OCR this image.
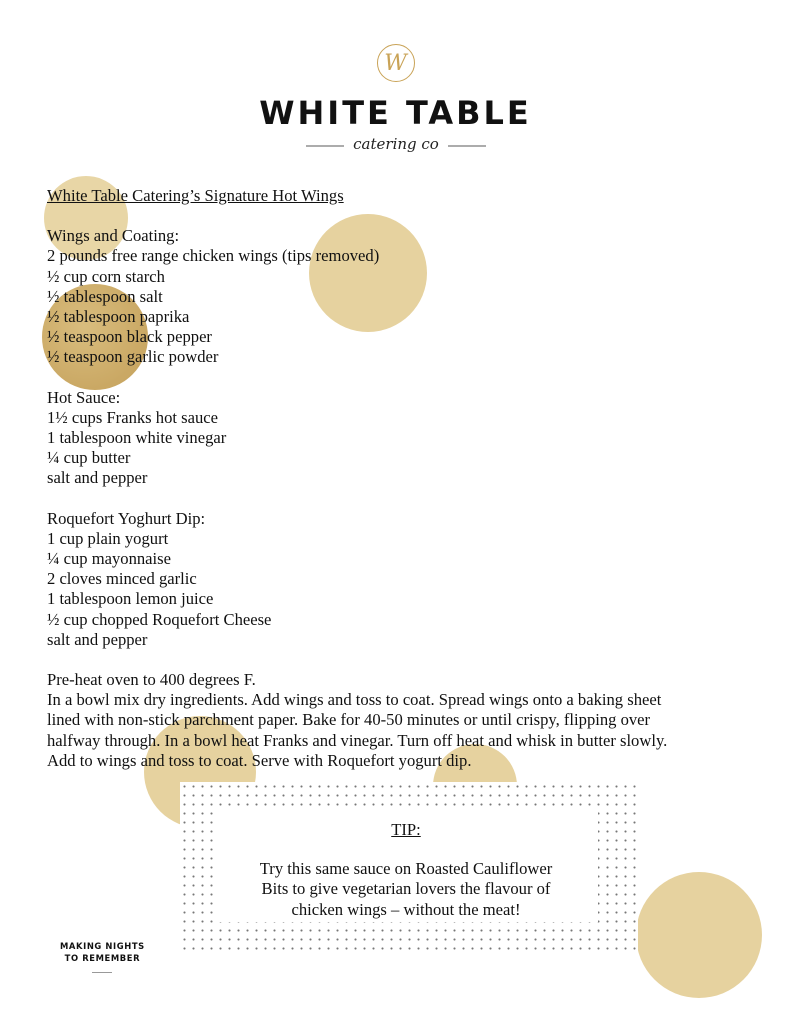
W
WHITE TABLE
catering co
White Table Catering’s Signature Hot Wings
Wings and Coating:
2 pounds free range chicken wings (tips removed)
½ cup corn starch
½ tablespoon salt
½ tablespoon paprika
½ teaspoon black pepper
½ teaspoon garlic powder
Hot Sauce:
1½ cups Franks hot sauce
1 tablespoon white vinegar
¼ cup butter
salt and pepper
Roquefort Yoghurt Dip:
1 cup plain yogurt
¼ cup mayonnaise
2 cloves minced garlic
1 tablespoon lemon juice
½ cup chopped Roquefort Cheese
salt and pepper

Pre-heat oven to 400 degrees F.

In a bowl mix dry ingredients. Add wings and toss to coat. Spread wings onto a baking sheet

lined with non-stick parchment paper. Bake for 40-50 minutes or until crispy, flipping over

halfway through. In a bowl heat Franks and vinegar. Turn off heat and whisk in butter slowly.

Add to wings and toss to coat. Serve with Roquefort yogurt dip.

TIP:
Try this same sauce on Roasted Cauliflower
Bits to give vegetarian lovers the flavour of
chicken wings – without the meat!
MAKING NIGHTS
TO REMEMBER
